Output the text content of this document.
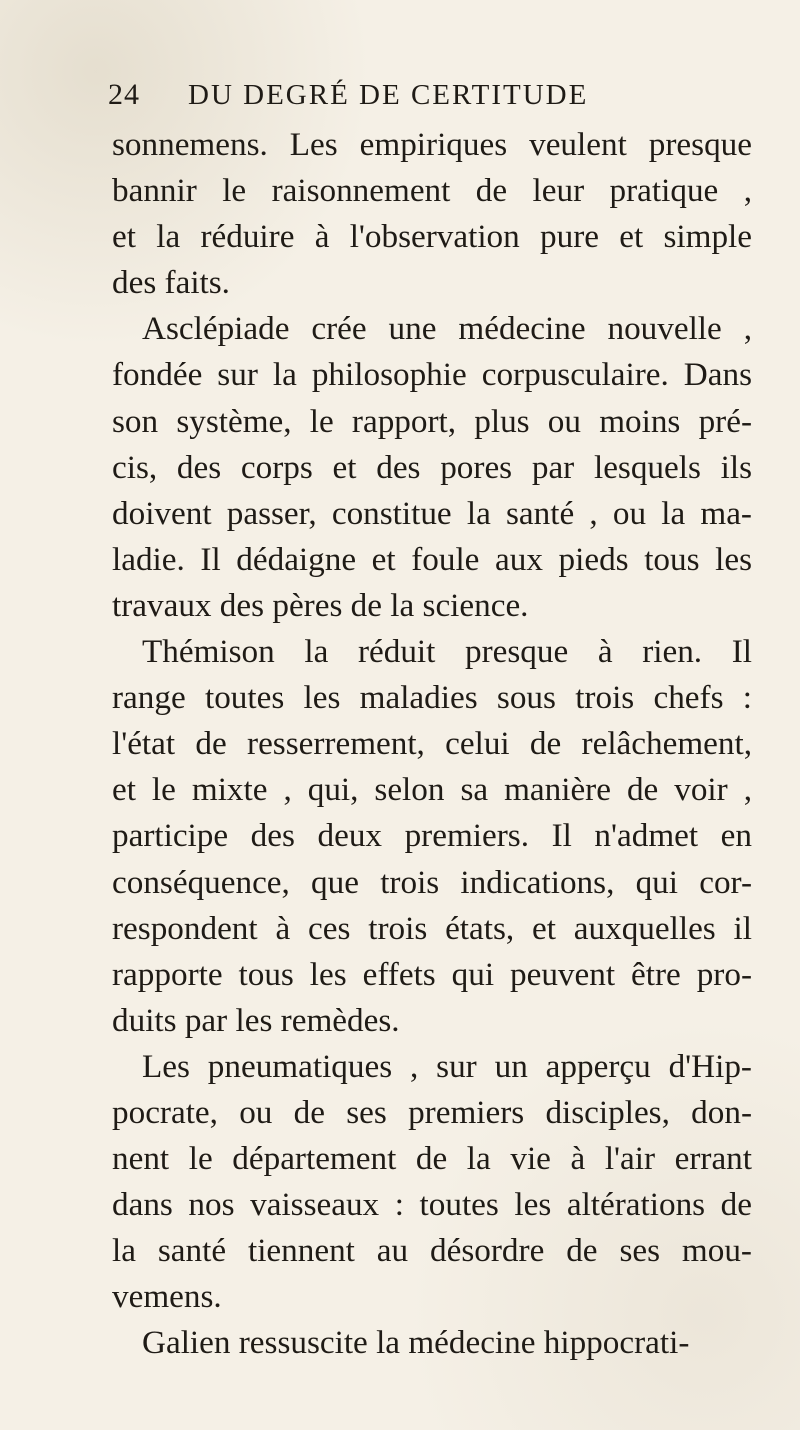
24 DU DEGRÉ DE CERTITUDE
sonnemens. Les empiriques veulent presque
bannir le raisonnement de leur pratique ,
et la réduire à l'observation pure et simple
des faits.
Asclépiade crée une médecine nouvelle ,
fondée sur la philosophie corpusculaire. Dans
son système, le rapport, plus ou moins pré-
cis, des corps et des pores par lesquels ils
doivent passer, constitue la santé , ou la ma-
ladie. Il dédaigne et foule aux pieds tous les
travaux des pères de la science.
Thémison la réduit presque à rien. Il
range toutes les maladies sous trois chefs :
l'état de resserrement, celui de relâchement,
et le mixte , qui, selon sa manière de voir ,
participe des deux premiers. Il n'admet en
conséquence, que trois indications, qui cor-
respondent à ces trois états, et auxquelles il
rapporte tous les effets qui peuvent être pro-
duits par les remèdes.
Les pneumatiques , sur un apperçu d'Hip-
pocrate, ou de ses premiers disciples, don-
nent le département de la vie à l'air errant
dans nos vaisseaux : toutes les altérations de
la santé tiennent au désordre de ses mou-
vemens.
Galien ressuscite la médecine hippocrati-
